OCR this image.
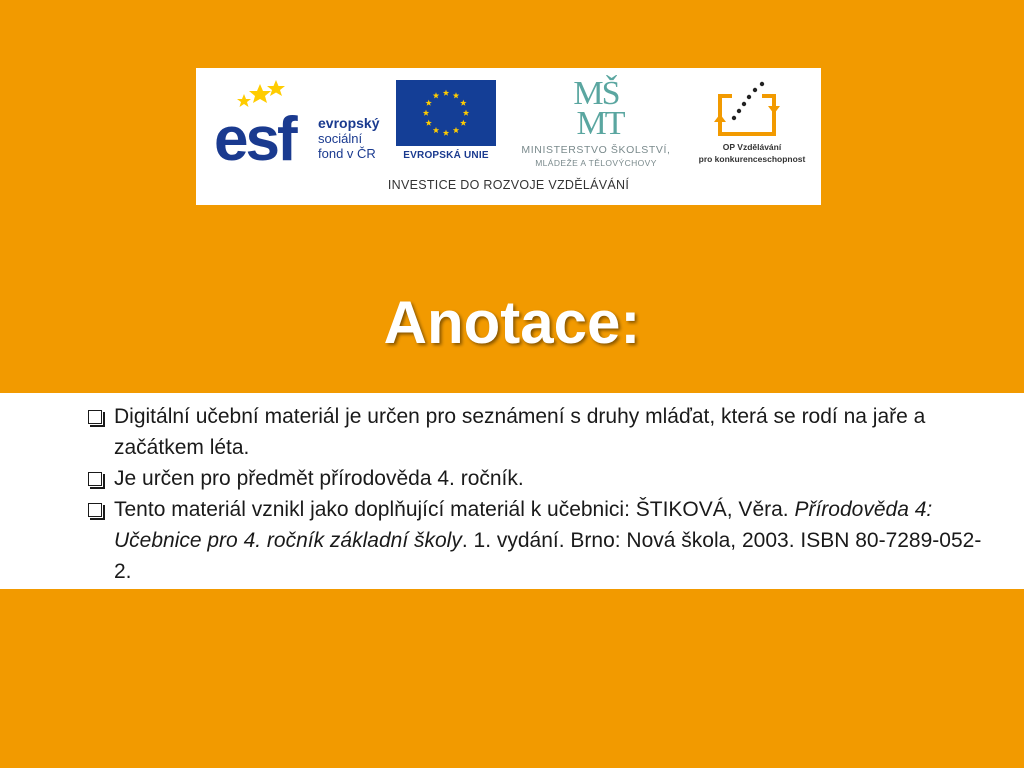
esf evropský
sociální
fond v ČR	EVROPSKÁ UNIE
MŠ
MT
MINISTERSTVO ŠKOLSTVÍ,
MLÁDEŽE A TĚLOVÝCHOVY
OP Vzdělávání
pro konkurenceschopnost
INVESTICE DO ROZVOJE VZDĚLÁVÁNÍ
Anotace:
Digitální učební materiál je určen pro seznámení s druhy mláďat, která se rodí na jaře a začátkem léta.
Je určen pro předmět přírodověda 4. ročník.
Tento materiál vznikl jako doplňující materiál k učebnici: ŠTIKOVÁ, Věra. Přírodověda 4: Učebnice pro 4. ročník základní školy. 1. vydání. Brno: Nová škola, 2003. ISBN 80-7289-052-2.
